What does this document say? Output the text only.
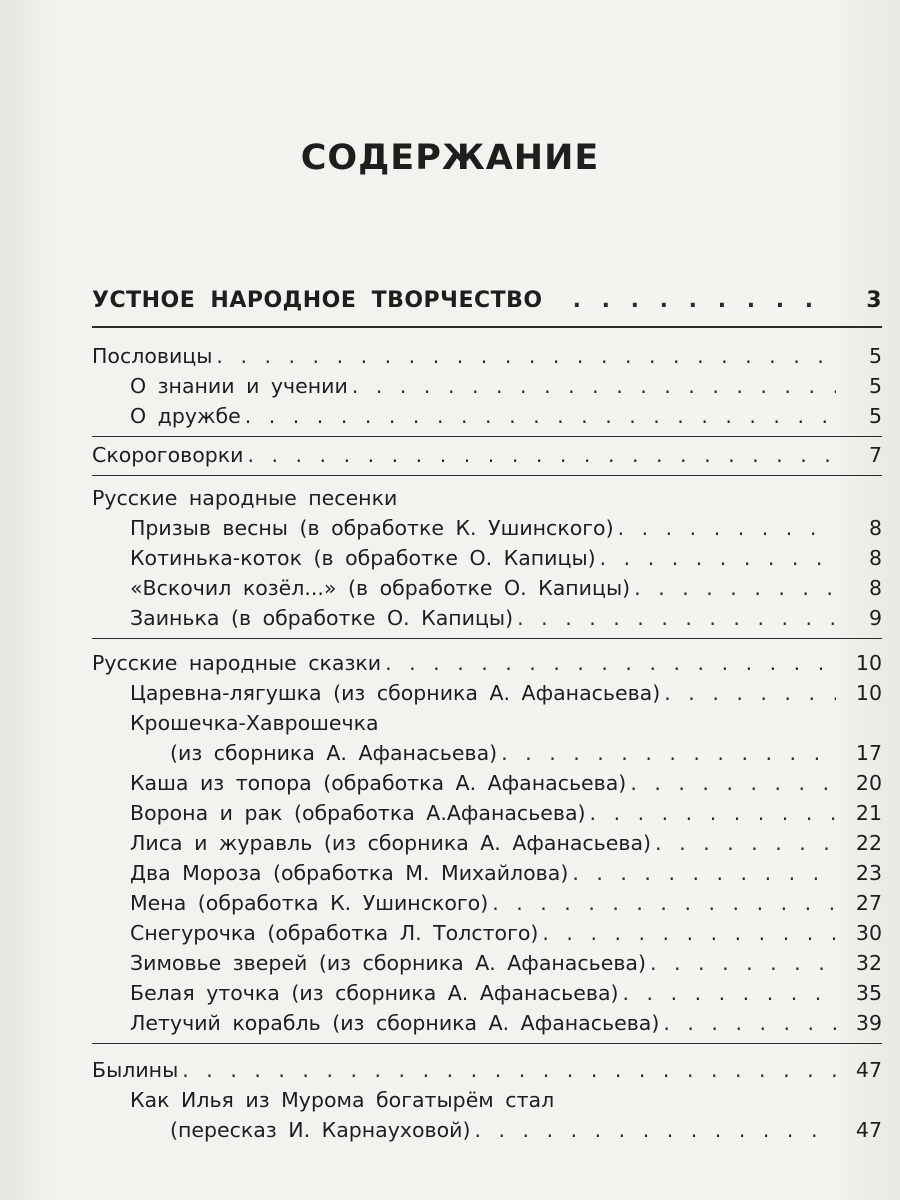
СОДЕРЖАНИЕ
УСТНОЕ НАРОДНОЕ ТВОРЧЕСТВО . . .	3
Пословицы . . .	5
О знании и учении . . .	5
О дружбе . . .	5
Скороговорки . . .	7
Русские народные песенки
Призыв весны (в обработке К. Ушинского) . . .	8
Котинька-коток (в обработке О. Капицы) . . .	8
«Вскочил козёл...» (в обработке О. Капицы) . . .	8
Заинька (в обработке О. Капицы) . . .	9
Русские народные сказки . . .	10
Царевна-лягушка (из сборника А. Афанасьева) . . .	10
Крошечка-Хаврошечка
(из сборника А. Афанасьева) . . .	17
Каша из топора (обработка А. Афанасьева) . . .	20
Ворона и рак (обработка А.Афанасьева) . . .	21
Лиса и журавль (из сборника А. Афанасьева) . . .	22
Два Мороза (обработка М. Михайлова) . . .	23
Мена (обработка К. Ушинского) . . .	27
Снегурочка (обработка Л. Толстого) . . .	30
Зимовье зверей (из сборника А. Афанасьева) . . .	32
Белая уточка (из сборника А. Афанасьева) . . .	35
Летучий корабль (из сборника А. Афанасьева) . . .	39
Былины . . .	47
Как Илья из Мурома богатырём стал
(пересказ И. Карнауховой) . . .	47
